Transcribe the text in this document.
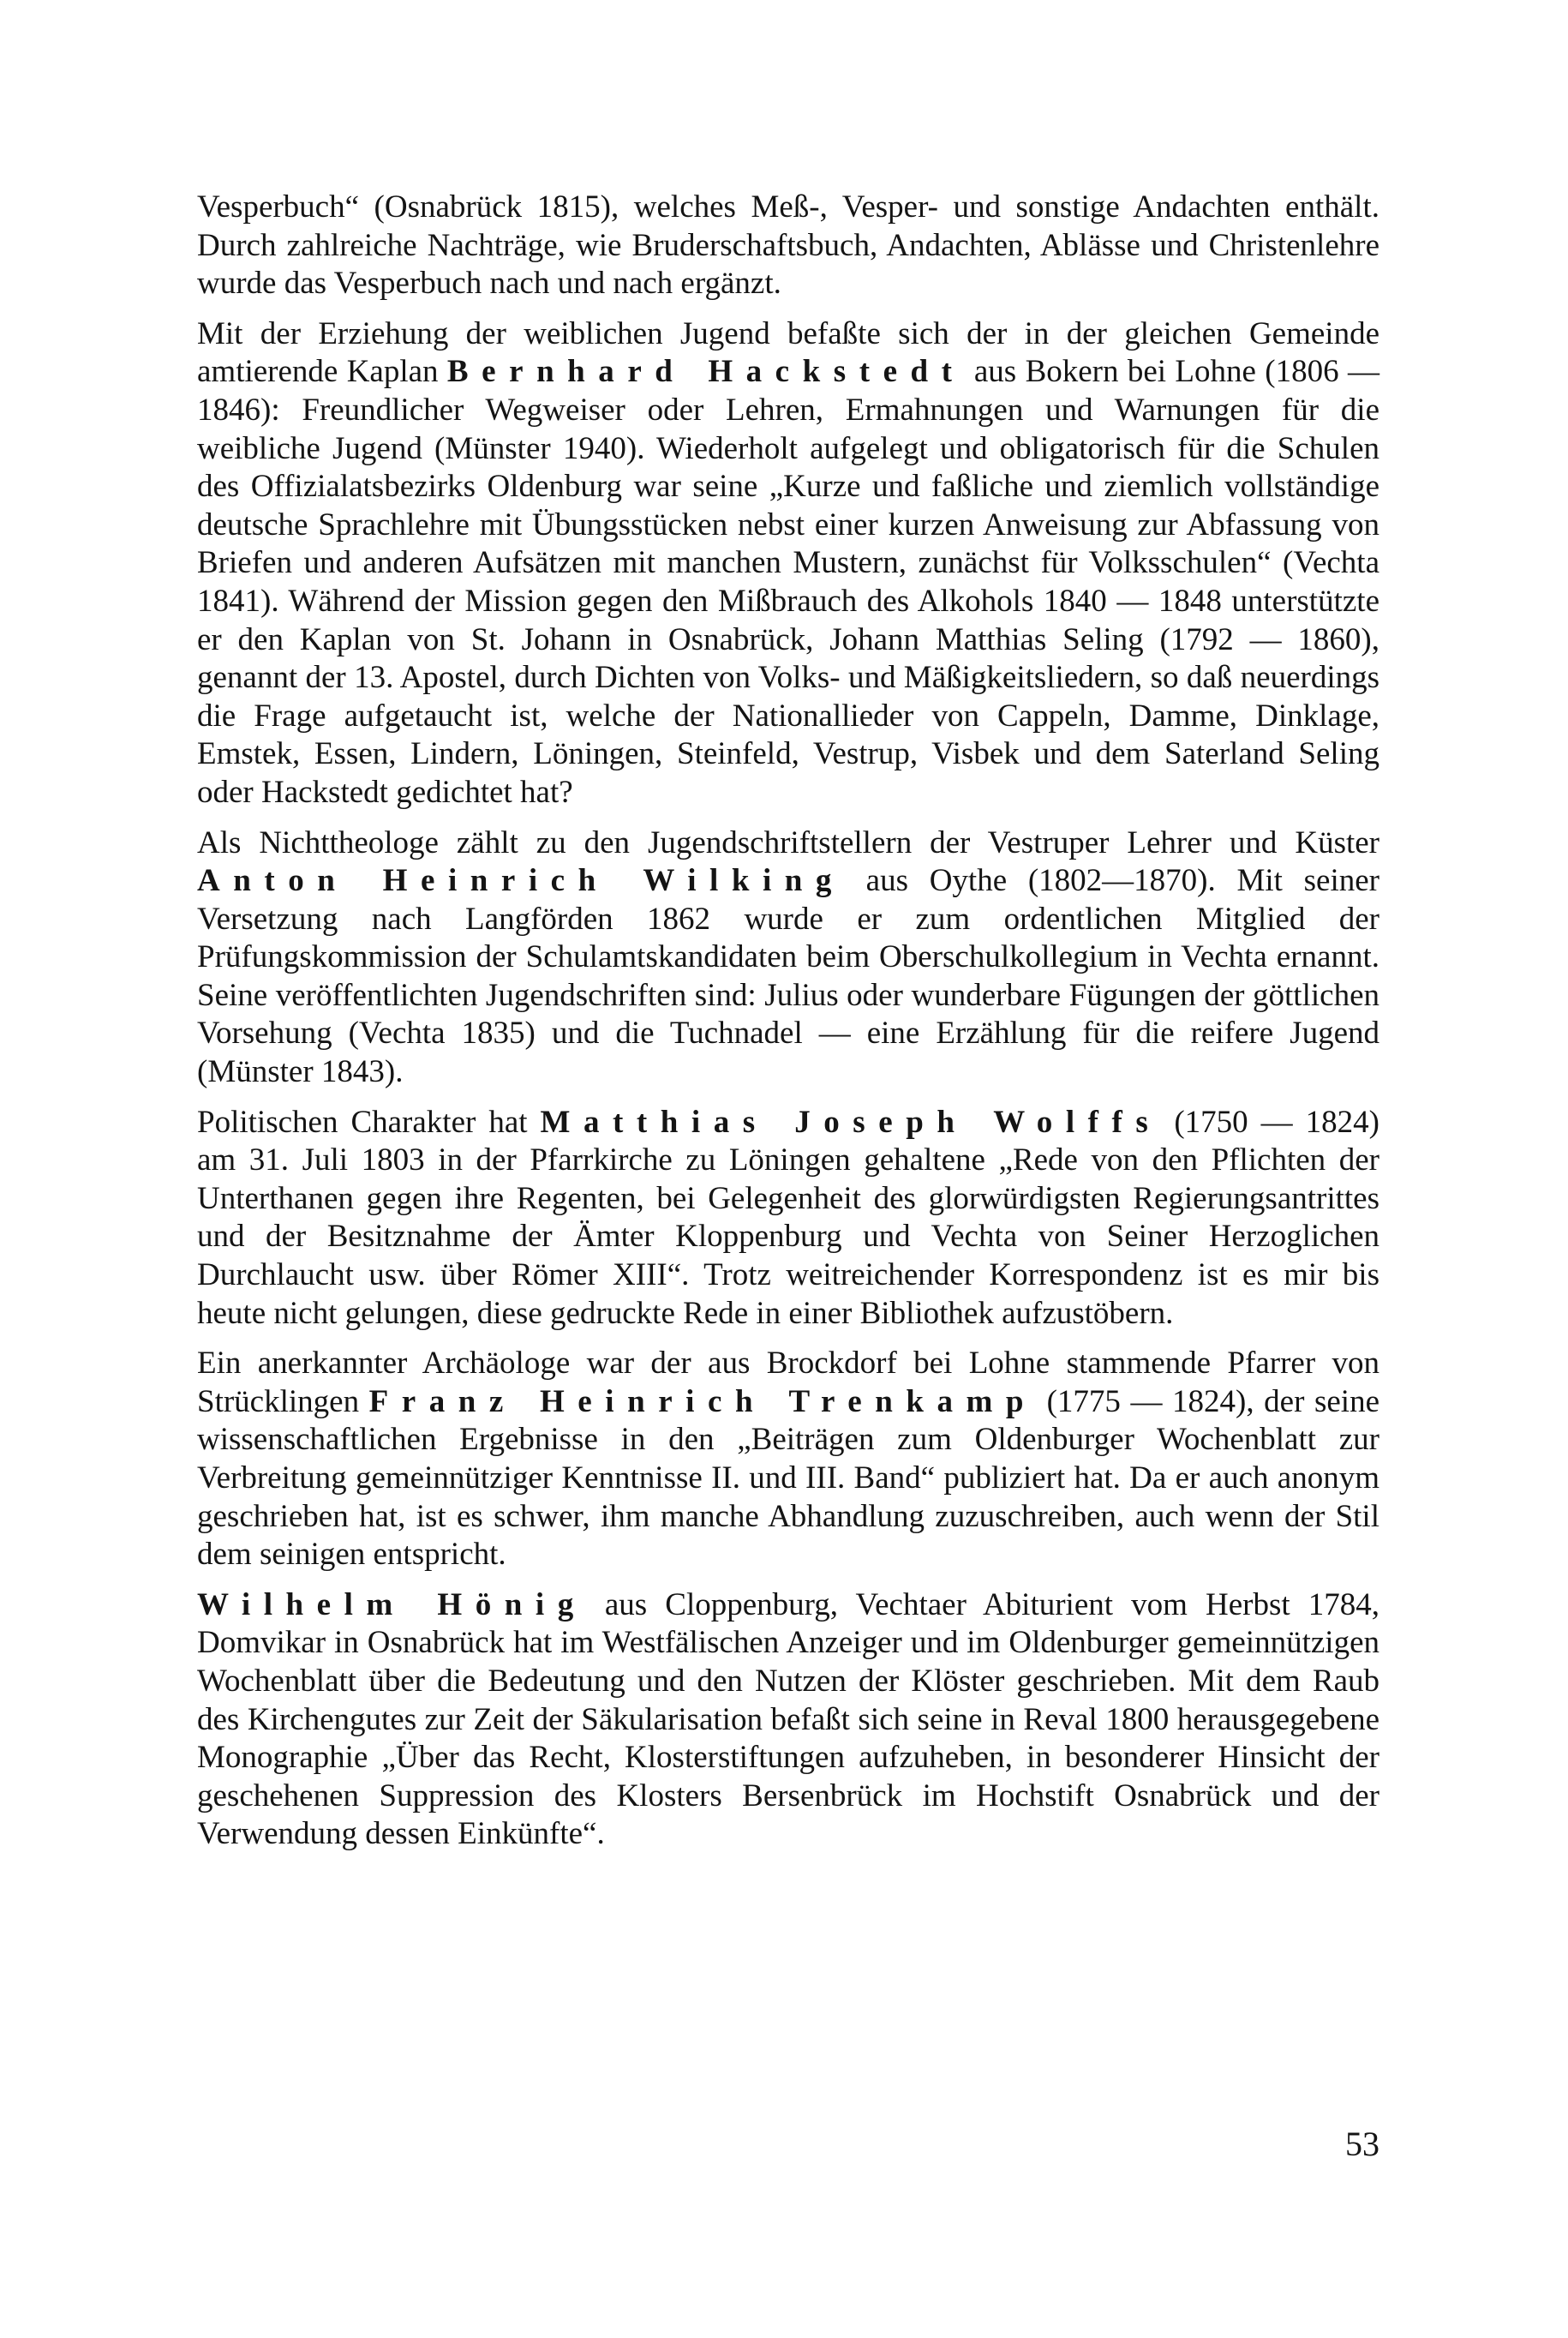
Vesperbuch“ (Osnabrück 1815), welches Meß-, Vesper- und sonstige Andachten enthält. Durch zahlreiche Nachträge, wie Bruderschaftsbuch, Andachten, Ablässe und Christenlehre wurde das Vesperbuch nach und nach ergänzt.

Mit der Erziehung der weiblichen Jugend befaßte sich der in der gleichen Gemeinde amtierende Kaplan Bernhard Hackstedt aus Bokern bei Lohne (1806 — 1846): Freundlicher Wegweiser oder Lehren, Ermahnungen und Warnungen für die weibliche Jugend (Münster 1940). Wiederholt aufgelegt und obligatorisch für die Schulen des Offizialatsbezirks Oldenburg war seine „Kurze und faßliche und ziemlich vollständige deutsche Sprachlehre mit Übungsstücken nebst einer kurzen Anweisung zur Abfassung von Briefen und anderen Aufsätzen mit manchen Mustern, zunächst für Volksschulen“ (Vechta 1841). Während der Mission gegen den Mißbrauch des Alkohols 1840 — 1848 unterstützte er den Kaplan von St. Johann in Osnabrück, Johann Matthias Seling (1792 — 1860), genannt der 13. Apostel, durch Dichten von Volks- und Mäßigkeitsliedern, so daß neuerdings die Frage aufgetaucht ist, welche der Nationallieder von Cappeln, Damme, Dinklage, Emstek, Essen, Lindern, Löningen, Steinfeld, Vestrup, Visbek und dem Saterland Seling oder Hackstedt gedichtet hat?

Als Nichttheologe zählt zu den Jugendschriftstellern der Vestruper Lehrer und Küster Anton Heinrich Wilking aus Oythe (1802—1870). Mit seiner Versetzung nach Langförden 1862 wurde er zum ordentlichen Mitglied der Prüfungskommission der Schulamtskandidaten beim Oberschulkollegium in Vechta ernannt. Seine veröffentlichten Jugendschriften sind: Julius oder wunderbare Fügungen der göttlichen Vorsehung (Vechta 1835) und die Tuchnadel — eine Erzählung für die reifere Jugend (Münster 1843).

Politischen Charakter hat Matthias Joseph Wolffs (1750 — 1824) am 31. Juli 1803 in der Pfarrkirche zu Löningen gehaltene „Rede von den Pflichten der Unterthanen gegen ihre Regenten, bei Gelegenheit des glorwürdigsten Regierungsantrittes und der Besitznahme der Ämter Kloppenburg und Vechta von Seiner Herzoglichen Durchlaucht usw. über Römer XIII“. Trotz weitreichender Korrespondenz ist es mir bis heute nicht gelungen, diese gedruckte Rede in einer Bibliothek aufzustöbern.

Ein anerkannter Archäologe war der aus Brockdorf bei Lohne stammende Pfarrer von Strücklingen Franz Heinrich Trenkamp (1775 — 1824), der seine wissenschaftlichen Ergebnisse in den „Beiträgen zum Oldenburger Wochenblatt zur Verbreitung gemeinnütziger Kenntnisse II. und III. Band“ publiziert hat. Da er auch anonym geschrieben hat, ist es schwer, ihm manche Abhandlung zuzuschreiben, auch wenn der Stil dem seinigen entspricht.

Wilhelm Hönig aus Cloppenburg, Vechtaer Abiturient vom Herbst 1784, Domvikar in Osnabrück hat im Westfälischen Anzeiger und im Oldenburger gemeinnützigen Wochenblatt über die Bedeutung und den Nutzen der Klöster geschrieben. Mit dem Raub des Kirchengutes zur Zeit der Säkularisation befaßt sich seine in Reval 1800 herausgegebene Monographie „Über das Recht, Klosterstiftungen aufzuheben, in besonderer Hinsicht der geschehenen Suppression des Klosters Bersenbrück im Hochstift Osnabrück und der Verwendung dessen Einkünfte“.

53
